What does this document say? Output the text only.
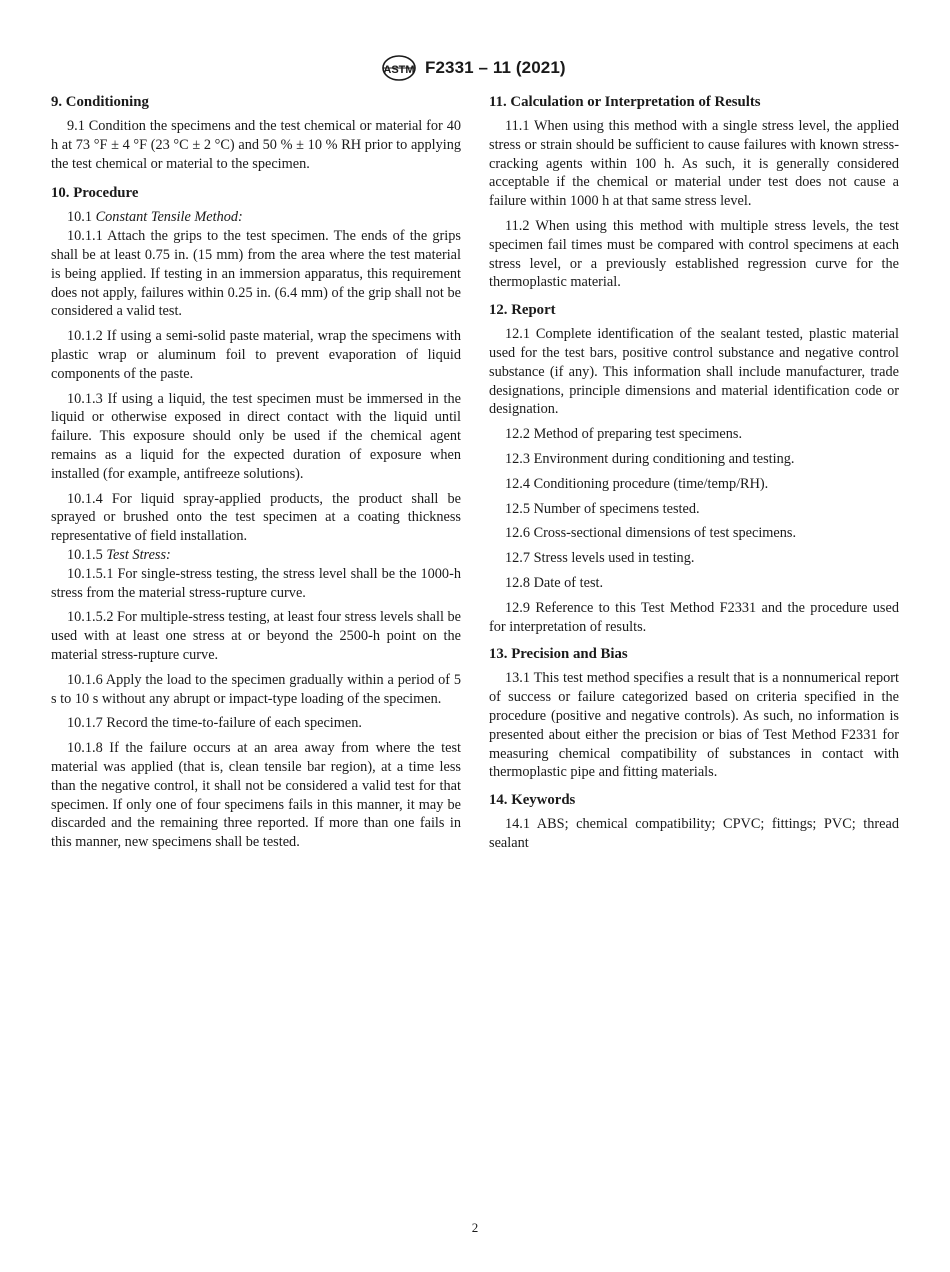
ASTM F2331 – 11 (2021)
9. Conditioning

9.1 Condition the specimens and the test chemical or material for 40 h at 73 °F ± 4 °F (23 °C ± 2 °C) and 50 % ± 10 % RH prior to applying the test chemical or material to the specimen.

10. Procedure

10.1 Constant Tensile Method:

10.1.1 Attach the grips to the test specimen. The ends of the grips shall be at least 0.75 in. (15 mm) from the area where the test material is being applied. If testing in an immersion apparatus, this requirement does not apply, failures within 0.25 in. (6.4 mm) of the grip shall not be considered a valid test.

10.1.2 If using a semi-solid paste material, wrap the specimens with plastic wrap or aluminum foil to prevent evaporation of liquid components of the paste.

10.1.3 If using a liquid, the test specimen must be immersed in the liquid or otherwise exposed in direct contact with the liquid until failure. This exposure should only be used if the chemical agent remains as a liquid for the expected duration of exposure when installed (for example, antifreeze solutions).

10.1.4 For liquid spray-applied products, the product shall be sprayed or brushed onto the test specimen at a coating thickness representative of field installation.

10.1.5 Test Stress:

10.1.5.1 For single-stress testing, the stress level shall be the 1000-h stress from the material stress-rupture curve.

10.1.5.2 For multiple-stress testing, at least four stress levels shall be used with at least one stress at or beyond the 2500-h point on the material stress-rupture curve.

10.1.6 Apply the load to the specimen gradually within a period of 5 s to 10 s without any abrupt or impact-type loading of the specimen.

10.1.7 Record the time-to-failure of each specimen.

10.1.8 If the failure occurs at an area away from where the test material was applied (that is, clean tensile bar region), at a time less than the negative control, it shall not be considered a valid test for that specimen. If only one of four specimens fails in this manner, it may be discarded and the remaining three reported. If more than one fails in this manner, new specimens shall be tested.

11. Calculation or Interpretation of Results

11.1 When using this method with a single stress level, the applied stress or strain should be sufficient to cause failures with known stress-cracking agents within 100 h. As such, it is generally considered acceptable if the chemical or material under test does not cause a failure within 1000 h at that same stress level.

11.2 When using this method with multiple stress levels, the test specimen fail times must be compared with control specimens at each stress level, or a previously established regression curve for the thermoplastic material.

12. Report

12.1 Complete identification of the sealant tested, plastic material used for the test bars, positive control substance and negative control substance (if any). This information shall include manufacturer, trade designations, principle dimensions and material identification code or designation.

12.2 Method of preparing test specimens.

12.3 Environment during conditioning and testing.

12.4 Conditioning procedure (time/temp/RH).

12.5 Number of specimens tested.

12.6 Cross-sectional dimensions of test specimens.

12.7 Stress levels used in testing.

12.8 Date of test.

12.9 Reference to this Test Method F2331 and the procedure used for interpretation of results.

13. Precision and Bias

13.1 This test method specifies a result that is a nonnumerical report of success or failure categorized based on criteria specified in the procedure (positive and negative controls). As such, no information is presented about either the precision or bias of Test Method F2331 for measuring chemical compatibility of substances in contact with thermoplastic pipe and fitting materials.

14. Keywords

14.1 ABS; chemical compatibility; CPVC; fittings; PVC; thread sealant

2
